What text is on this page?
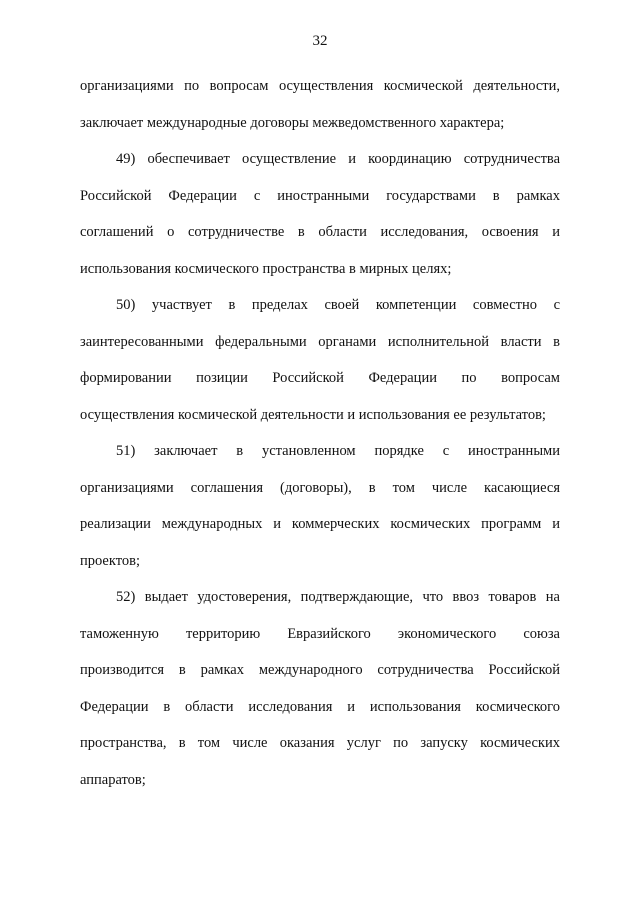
32
организациями по вопросам осуществления космической деятельности,
заключает международные договоры межведомственного характера;
49) обеспечивает осуществление и координацию сотрудничества
Российской Федерации с иностранными государствами в рамках
соглашений о сотрудничестве в области исследования, освоения и
использования космического пространства в мирных целях;
50) участвует в пределах своей компетенции совместно с
заинтересованными федеральными органами исполнительной власти в
формировании позиции Российской Федерации по вопросам
осуществления космической деятельности и использования ее результатов;
51) заключает в установленном порядке с иностранными
организациями соглашения (договоры), в том числе касающиеся
реализации международных и коммерческих космических программ и
проектов;
52) выдает удостоверения, подтверждающие, что ввоз товаров на
таможенную территорию Евразийского экономического союза
производится в рамках международного сотрудничества Российской
Федерации в области исследования и использования космического
пространства, в том числе оказания услуг по запуску космических
аппаратов;
